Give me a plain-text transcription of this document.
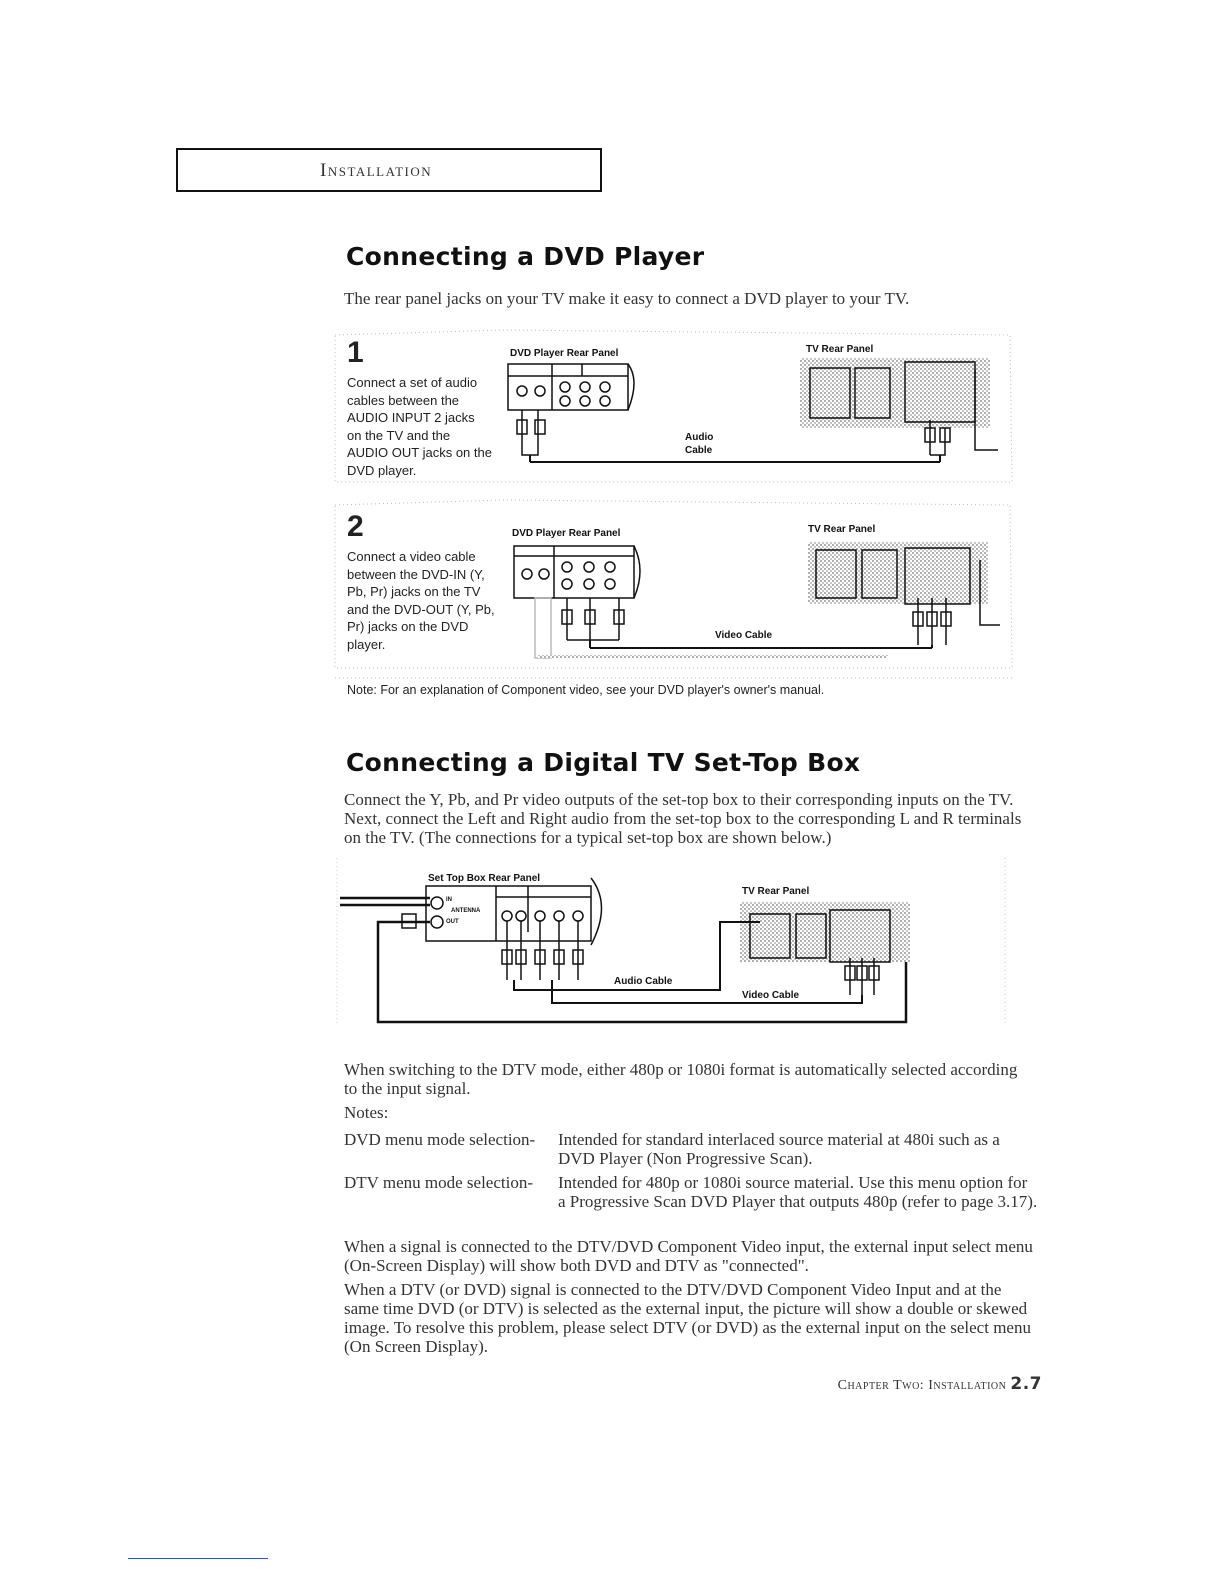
Installation
Connecting a DVD Player
The rear panel jacks on your TV make it easy to connect a DVD player to your TV.
1
Connect a set of audio cables between the AUDIO INPUT 2 jacks on the TV and the AUDIO OUT jacks on the DVD player.
2
Connect a video cable between the DVD-IN (Y, Pb, Pr) jacks on the TV and the DVD-OUT (Y, Pb, Pr) jacks on the DVD player.
DVD Player Rear Panel	TV Rear Panel
Audio
Cable
DVD Player Rear Panel	TV Rear Panel
Video Cable
Note: For an explanation of Component video, see your DVD player's owner's manual.
Connecting a Digital TV Set-Top Box
Connect the Y, Pb, and Pr video outputs of the set-top box to their corresponding inputs on the TV. Next, connect the Left and Right audio from the set-top box to the corresponding L and R terminals on the TV. (The connections for a typical set-top box are shown below.)
Set Top Box Rear Panel
TV Rear Panel
Audio Cable
Video Cable
IN
ANTENNA
OUT
When switching to the DTV mode, either 480p or 1080i format is automatically selected according to the input signal.
Notes:
DVD menu mode selection- Intended for standard interlaced source material at 480i such as a DVD Player (Non Progressive Scan).
DTV menu mode selection- Intended for 480p or 1080i source material. Use this menu option for a Progressive Scan DVD Player that outputs 480p (refer to page 3.17).
When a signal is connected to the DTV/DVD Component Video input, the external input select menu (On-Screen Display) will show both DVD and DTV as "connected".
When a DTV (or DVD) signal is connected to the DTV/DVD Component Video Input and at the same time DVD (or DTV) is selected as the external input, the picture will show a double or skewed image. To resolve this problem, please select DTV (or DVD) as the external input on the select menu (On Screen Display).
Chapter Two: Installation 2.7
